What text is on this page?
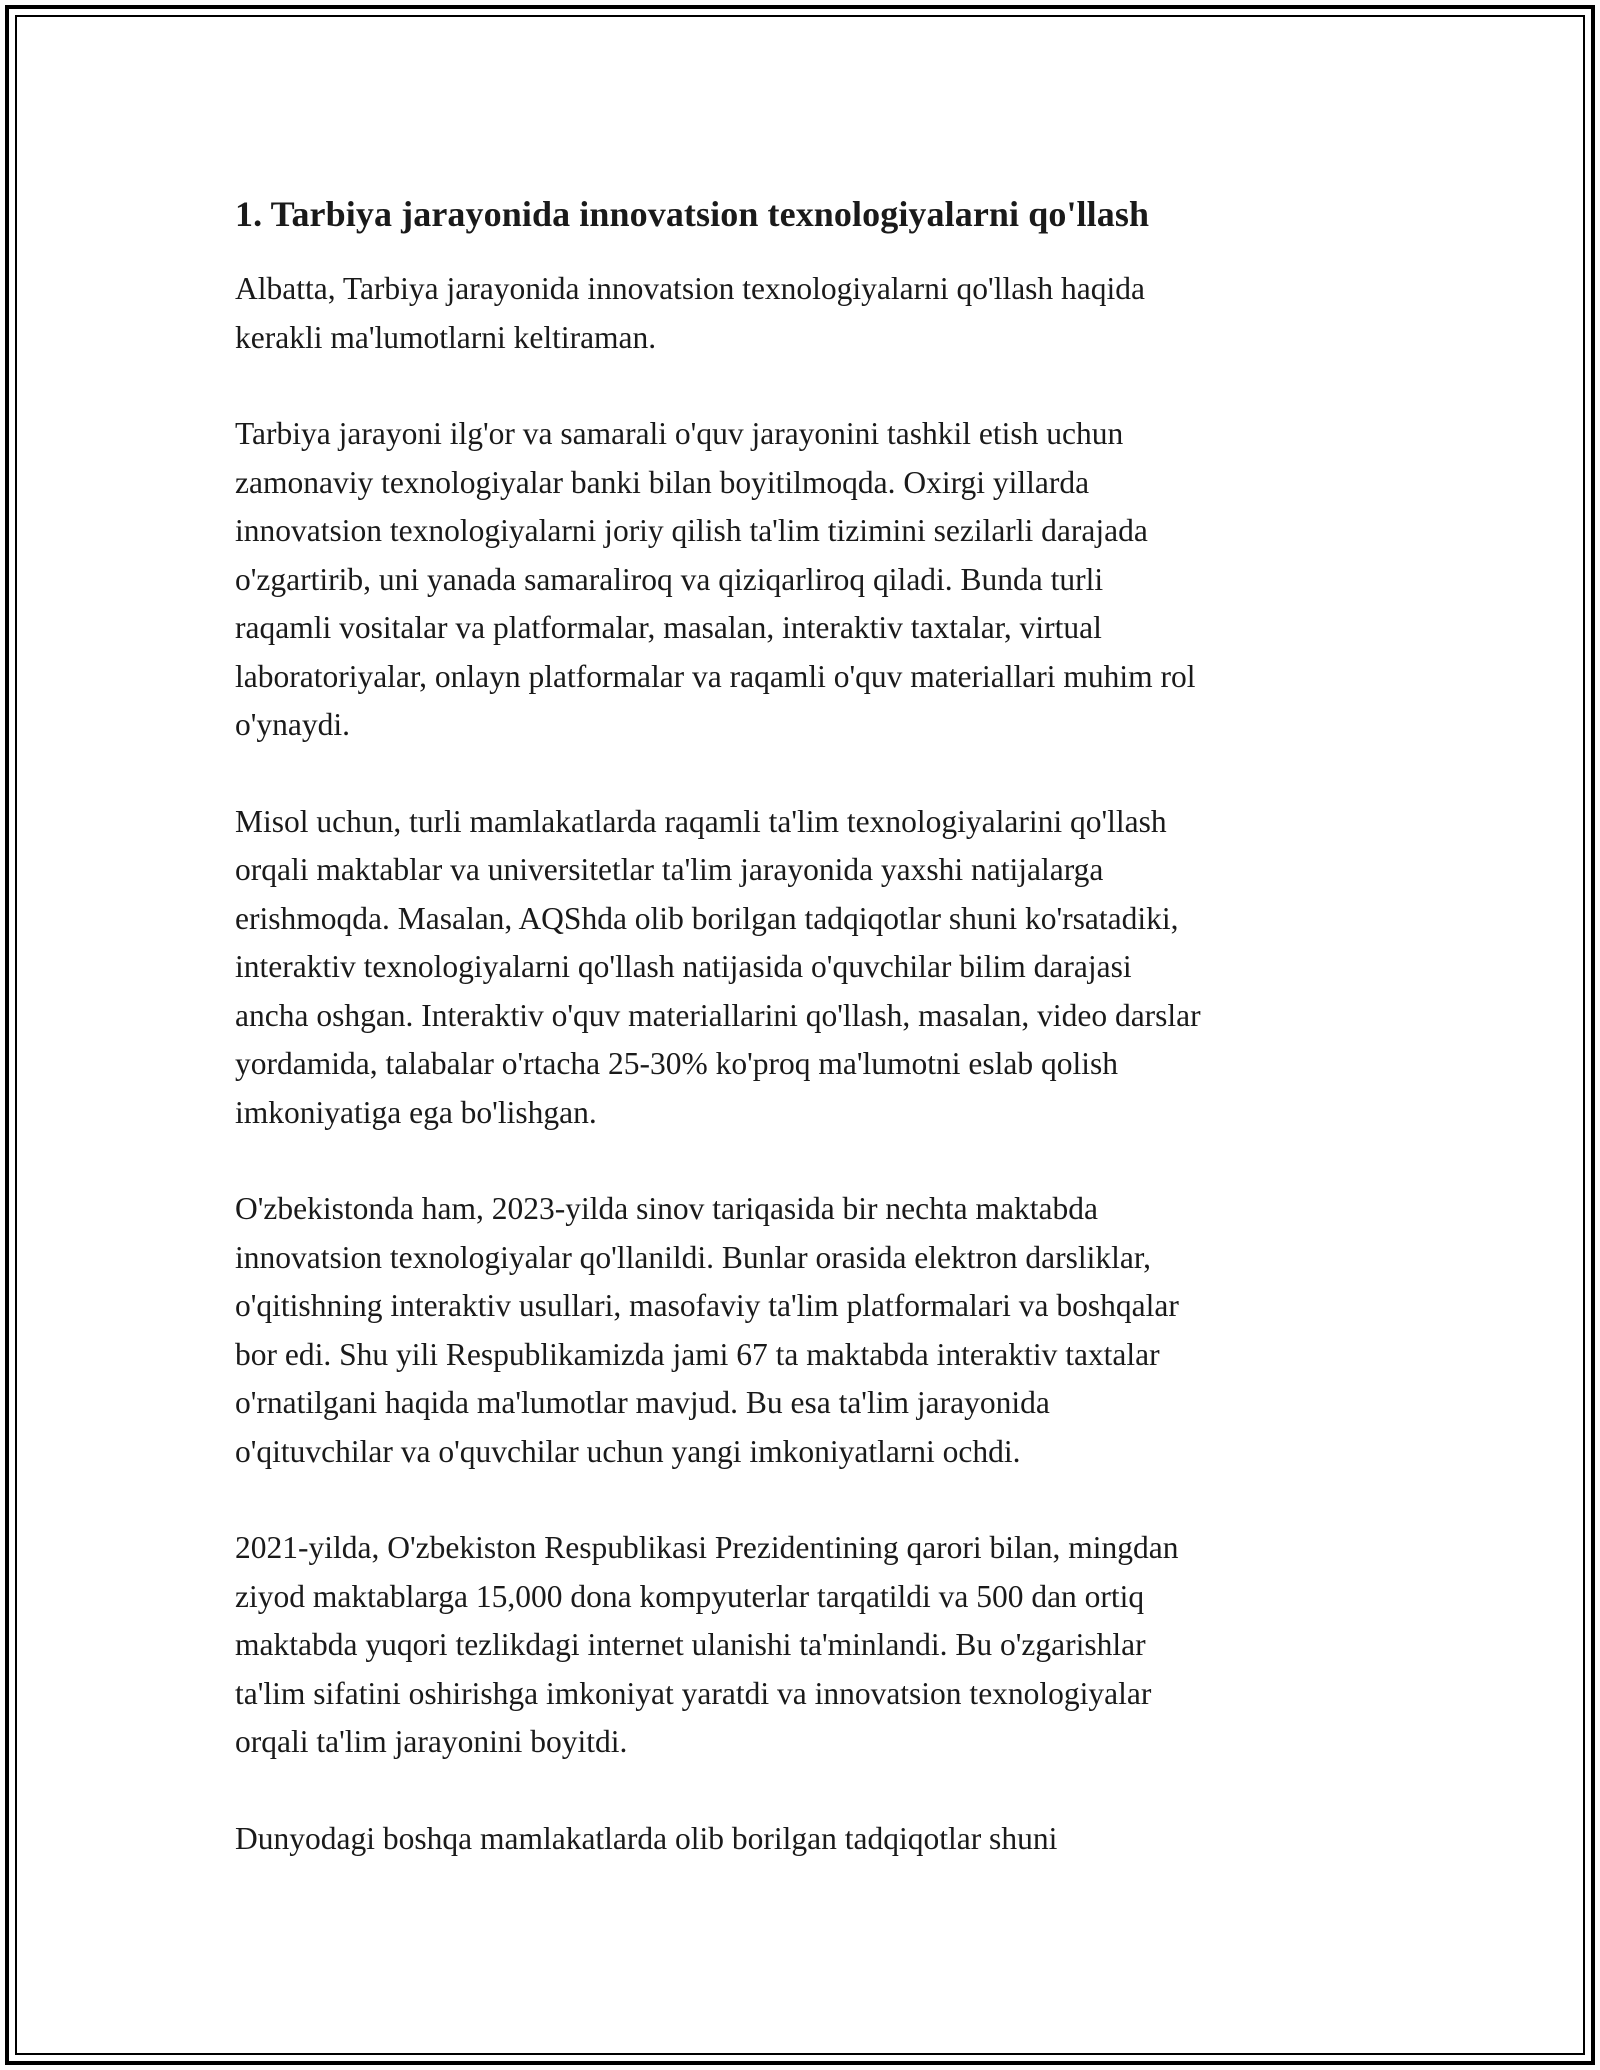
1. Tarbiya jarayonida innovatsion texnologiyalarni qo'llash

Albatta, Tarbiya jarayonida innovatsion texnologiyalarni qo'llash haqida
kerakli ma'lumotlarni keltiraman.

Tarbiya jarayoni ilg'or va samarali o'quv jarayonini tashkil etish uchun
zamonaviy texnologiyalar banki bilan boyitilmoqda. Oxirgi yillarda
innovatsion texnologiyalarni joriy qilish ta'lim tizimini sezilarli darajada
o'zgartirib, uni yanada samaraliroq va qiziqarliroq qiladi. Bunda turli
raqamli vositalar va platformalar, masalan, interaktiv taxtalar, virtual
laboratoriyalar, onlayn platformalar va raqamli o'quv materiallari muhim rol
o'ynaydi.

Misol uchun, turli mamlakatlarda raqamli ta'lim texnologiyalarini qo'llash
orqali maktablar va universitetlar ta'lim jarayonida yaxshi natijalarga
erishmoqda. Masalan, AQShda olib borilgan tadqiqotlar shuni ko'rsatadiki,
interaktiv texnologiyalarni qo'llash natijasida o'quvchilar bilim darajasi
ancha oshgan. Interaktiv o'quv materiallarini qo'llash, masalan, video darslar
yordamida, talabalar o'rtacha 25-30% ko'proq ma'lumotni eslab qolish
imkoniyatiga ega bo'lishgan.

O'zbekistonda ham, 2023-yilda sinov tariqasida bir nechta maktabda
innovatsion texnologiyalar qo'llanildi. Bunlar orasida elektron darsliklar,
o'qitishning interaktiv usullari, masofaviy ta'lim platformalari va boshqalar
bor edi. Shu yili Respublikamizda jami 67 ta maktabda interaktiv taxtalar
o'rnatilgani haqida ma'lumotlar mavjud. Bu esa ta'lim jarayonida
o'qituvchilar va o'quvchilar uchun yangi imkoniyatlarni ochdi.

2021-yilda, O'zbekiston Respublikasi Prezidentining qarori bilan, mingdan
ziyod maktablarga 15,000 dona kompyuterlar tarqatildi va 500 dan ortiq
maktabda yuqori tezlikdagi internet ulanishi ta'minlandi. Bu o'zgarishlar
ta'lim sifatini oshirishga imkoniyat yaratdi va innovatsion texnologiyalar
orqali ta'lim jarayonini boyitdi.

Dunyodagi boshqa mamlakatlarda olib borilgan tadqiqotlar shuni
